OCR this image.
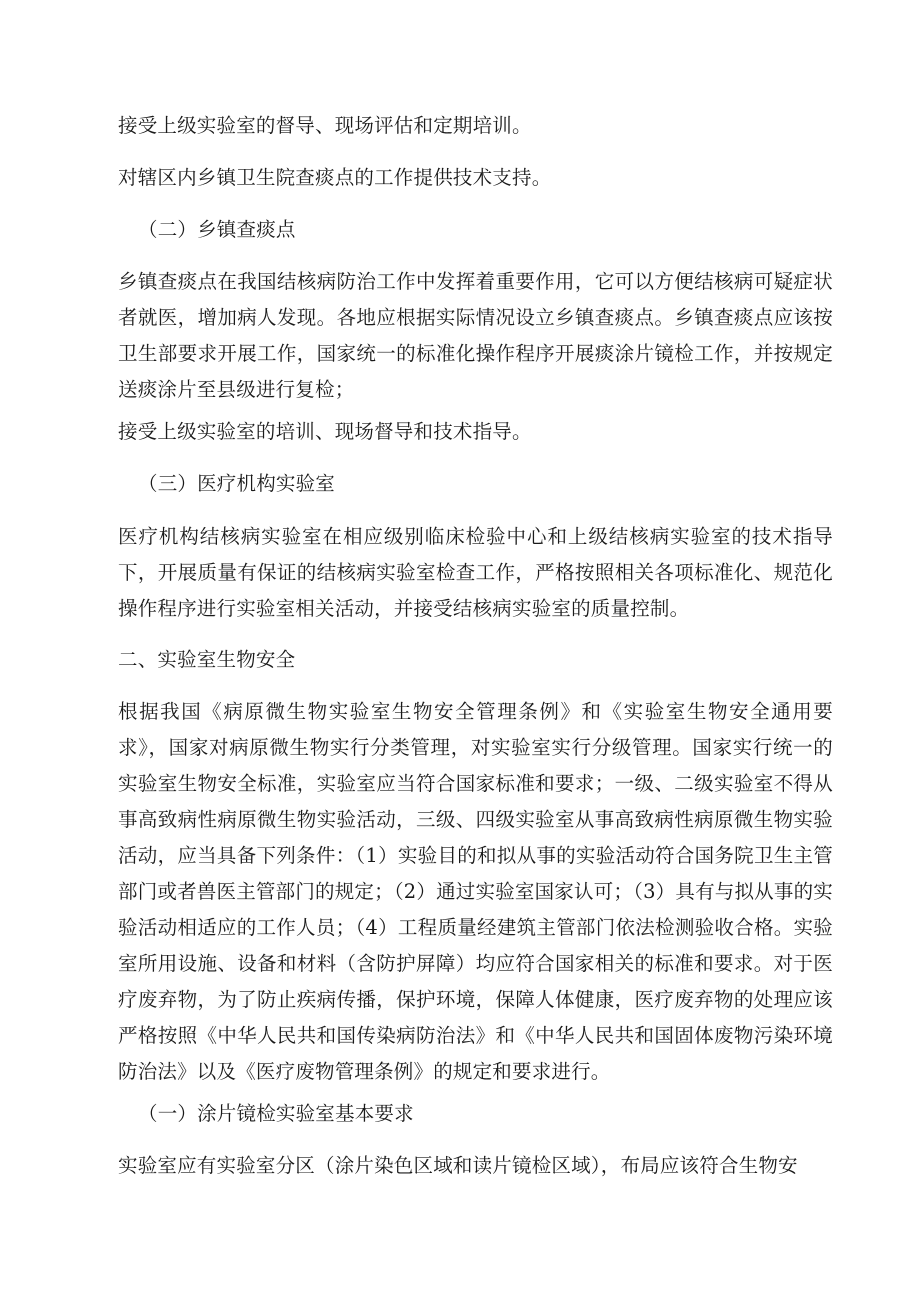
接受上级实验室的督导、现场评估和定期培训。

对辖区内乡镇卫生院查痰点的工作提供技术支持。

（二）乡镇查痰点

乡镇查痰点在我国结核病防治工作中发挥着重要作用，它可以方便结核病可疑症状者就医，增加病人发现。各地应根据实际情况设立乡镇查痰点。乡镇查痰点应该按卫生部要求开展工作，国家统一的标准化操作程序开展痰涂片镜检工作，并按规定送痰涂片至县级进行复检；

接受上级实验室的培训、现场督导和技术指导。

（三）医疗机构实验室

医疗机构结核病实验室在相应级别临床检验中心和上级结核病实验室的技术指导下，开展质量有保证的结核病实验室检查工作，严格按照相关各项标准化、规范化操作程序进行实验室相关活动，并接受结核病实验室的质量控制。

二、实验室生物安全

根据我国《病原微生物实验室生物安全管理条例》和《实验室生物安全通用要求》，国家对病原微生物实行分类管理，对实验室实行分级管理。国家实行统一的实验室生物安全标准，实验室应当符合国家标准和要求；一级、二级实验室不得从事高致病性病原微生物实验活动，三级、四级实验室从事高致病性病原微生物实验活动，应当具备下列条件：（1）实验目的和拟从事的实验活动符合国务院卫生主管部门或者兽医主管部门的规定；（2）通过实验室国家认可；（3）具有与拟从事的实验活动相适应的工作人员；（4）工程质量经建筑主管部门依法检测验收合格。实验室所用设施、设备和材料（含防护屏障）均应符合国家相关的标准和要求。对于医疗废弃物，为了防止疾病传播，保护环境，保障人体健康，医疗废弃物的处理应该严格按照《中华人民共和国传染病防治法》和《中华人民共和国固体废物污染环境防治法》以及《医疗废物管理条例》的规定和要求进行。

（一）涂片镜检实验室基本要求

实验室应有实验室分区（涂片染色区域和读片镜检区域），布局应该符合生物安
